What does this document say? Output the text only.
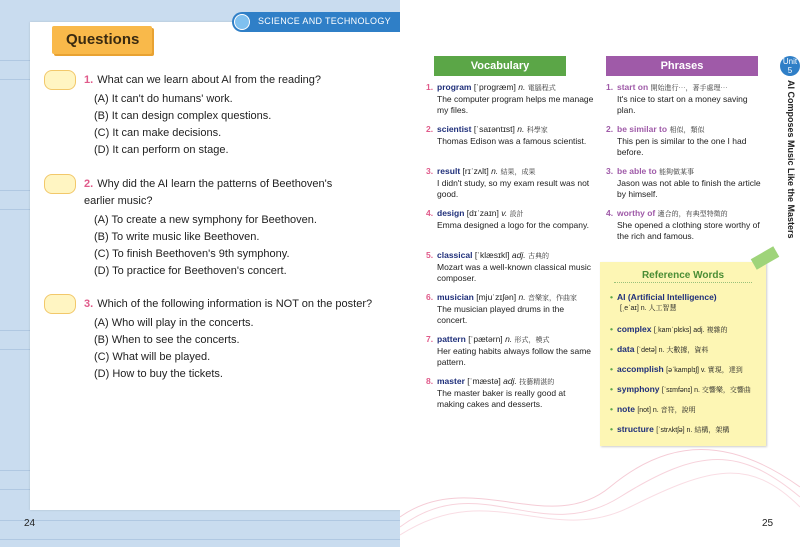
Questions
1. What can we learn about AI from the reading?
(A) It can't do humans' work.
(B) It can design complex questions.
(C) It can make decisions.
(D) It can perform on stage.
2. Why did the AI learn the patterns of Beethoven's earlier music?
(A) To create a new symphony for Beethoven.
(B) To write music like Beethoven.
(C) To finish Beethoven's 9th symphony.
(D) To practice for Beethoven's concert.
3. Which of the following information is NOT on the poster?
(A) Who will play in the concerts.
(B) When to see the concerts.
(C) What will be played.
(D) How to buy the tickets.
24
SCIENCE AND TECHNOLOGY
Unit
5
AI Composes Music Like the Masters
Vocabulary	Phrases
1. program [ˈprogræm] n. 電腦程式
The computer program helps me manage my files.
2. scientist [ˈsaɪəntɪst] n. 科學家
Thomas Edison was a famous scientist.
3. result [rɪˈzʌlt] n. 結果，成果
I didn't study, so my exam result was not good.
4. design [dɪˈzaɪn] v. 設計
Emma designed a logo for the company.
5. classical [ˈklæsɪkl] adj. 古典的
Mozart was a well-known classical music composer.
6. musician [mjuˈzɪʃən] n. 音樂家，作曲家
The musician played drums in the concert.
7. pattern [ˈpætərn] n. 形式，模式
Her eating habits always follow the same pattern.
8. master [ˈmæstə] adj. 技藝精湛的
The master baker is really good at making cakes and desserts.
1. start on 開始進行⋯，著手處理⋯
It's nice to start on a money saving plan.
2. be similar to 相似，類似
This pen is similar to the one I had before.
3. be able to 能夠做某事
Jason was not able to finish the article by himself.
4. worthy of 適合的，有典型特徵的
She opened a clothing store worthy of the rich and famous.
Reference Words
• AI (Artificial Intelligence)
[ˌeˈaɪ] n. 人工智慧
• complex [ˌkamˈplɛks] adj. 複雜的
• data [ˈdetə] n. 大數據，資料
• accomplish [əˈkamplɪʃ] v. 實現，達到
• symphony [ˈsɪmfənɪ] n. 交響樂，交響曲
• note [not] n. 音符，說明
• structure [ˈstrʌktʃə] n. 結構，架構
25
